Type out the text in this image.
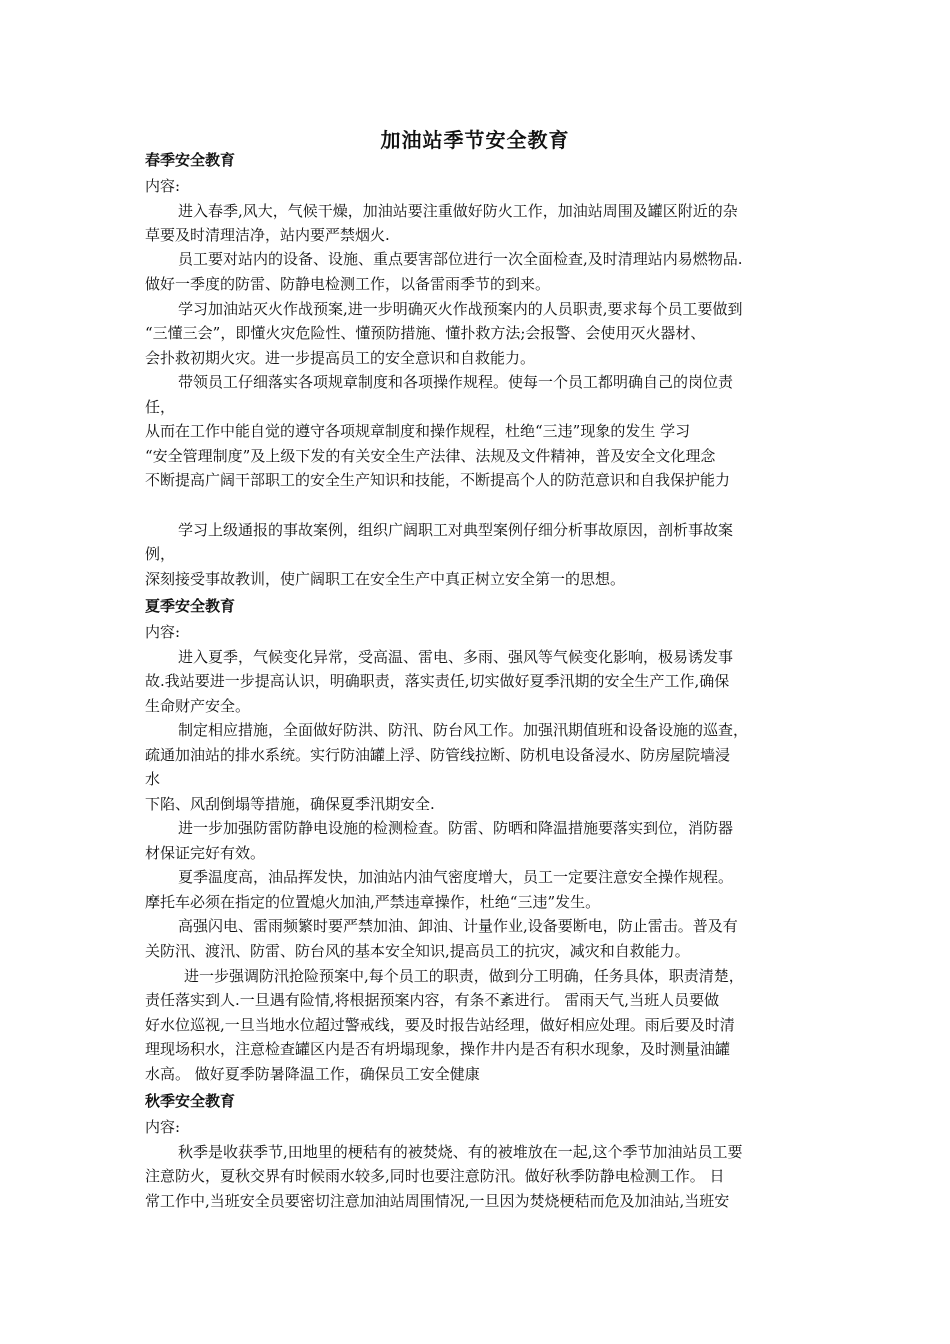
加油站季节安全教育
春季安全教育
内容:
进入春季,风大，气候干燥，加油站要注重做好防火工作，加油站周围及罐区附近的杂
草要及时清理洁净，站内要严禁烟火.
员工要对站内的设备、设施、重点要害部位进行一次全面检查,及时清理站内易燃物品.
做好一季度的防雷、防静电检测工作，以备雷雨季节的到来。
学习加油站灭火作战预案,进一步明确灭火作战预案内的人员职责,要求每个员工要做到
“三懂三会”，即懂火灾危险性、懂预防措施、懂扑救方法;会报警、会使用灭火器材、
会扑救初期火灾。进一步提高员工的安全意识和自救能力。
带领员工仔细落实各项规章制度和各项操作规程。使每一个员工都明确自己的岗位责
任，
从而在工作中能自觉的遵守各项规章制度和操作规程，杜绝“三违”现象的发生 学习
“安全管理制度”及上级下发的有关安全生产法律、法规及文件精神，普及安全文化理念
不断提高广阔干部职工的安全生产知识和技能，不断提高个人的防范意识和自我保护能力
学习上级通报的事故案例，组织广阔职工对典型案例仔细分析事故原因，剖析事故案
例，
深刻接受事故教训，使广阔职工在安全生产中真正树立安全第一的思想。
夏季安全教育
内容:
进入夏季，气候变化异常，受高温、雷电、多雨、强风等气候变化影响，极易诱发事
故.我站要进一步提高认识，明确职责，落实责任,切实做好夏季汛期的安全生产工作,确保
生命财产安全。
制定相应措施，全面做好防洪、防汛、防台风工作。加强汛期值班和设备设施的巡查，
疏通加油站的排水系统。实行防油罐上浮、防管线拉断、防机电设备浸水、防房屋院墙浸
水
下陷、风刮倒塌等措施，确保夏季汛期安全.
进一步加强防雷防静电设施的检测检查。防雷、防晒和降温措施要落实到位，消防器
材保证完好有效。
夏季温度高，油品挥发快，加油站内油气密度增大，员工一定要注意安全操作规程。
摩托车必须在指定的位置熄火加油,严禁违章操作，杜绝“三违”发生。
高强闪电、雷雨频繁时要严禁加油、卸油、计量作业,设备要断电，防止雷击。普及有
关防汛、渡汛、防雷、防台风的基本安全知识,提高员工的抗灾，减灾和自救能力。
进一步强调防汛抢险预案中,每个员工的职责，做到分工明确，任务具体，职责清楚，
责任落实到人.一旦遇有险情,将根据预案内容，有条不紊进行。 雷雨天气,当班人员要做
好水位巡视,一旦当地水位超过警戒线，要及时报告站经理，做好相应处理。雨后要及时清
理现场积水，注意检查罐区内是否有坍塌现象，操作井内是否有积水现象，及时测量油罐
水高。 做好夏季防暑降温工作，确保员工安全健康
秋季安全教育
内容:
秋季是收获季节,田地里的梗秸有的被焚烧、有的被堆放在一起,这个季节加油站员工要
注意防火，夏秋交界有时候雨水较多,同时也要注意防汛。做好秋季防静电检测工作。 日
常工作中,当班安全员要密切注意加油站周围情况,一旦因为焚烧梗秸而危及加油站,当班安
